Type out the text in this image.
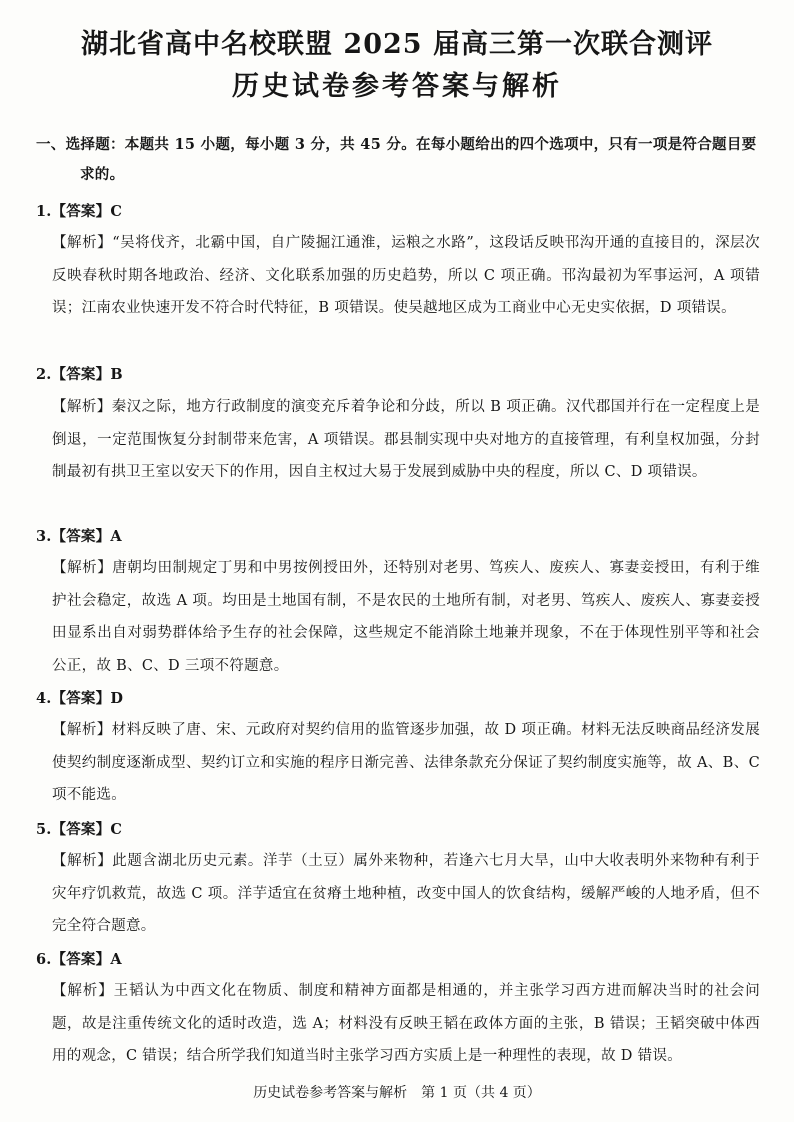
湖北省高中名校联盟 2025 届高三第一次联合测评
历史试卷参考答案与解析
一、选择题：本题共 15 小题，每小题 3 分，共 45 分。在每小题给出的四个选项中，只有一项是符合题目要
求的。
1.【答案】C
【解析】“吴将伐齐，北霸中国，自广陵掘江通淮，运粮之水路”，这段话反映邗沟开通的直接目的，深层次反映春秋时期各地政治、经济、文化联系加强的历史趋势，所以 C 项正确。邗沟最初为军事运河，A 项错误；江南农业快速开发不符合时代特征，B 项错误。使吴越地区成为工商业中心无史实依据，D 项错误。
2.【答案】B
【解析】秦汉之际，地方行政制度的演变充斥着争论和分歧，所以 B 项正确。汉代郡国并行在一定程度上是倒退，一定范围恢复分封制带来危害，A 项错误。郡县制实现中央对地方的直接管理，有利皇权加强，分封制最初有拱卫王室以安天下的作用，因自主权过大易于发展到威胁中央的程度，所以 C、D 项错误。
3.【答案】A
【解析】唐朝均田制规定丁男和中男按例授田外，还特别对老男、笃疾人、废疾人、寡妻妾授田，有利于维护社会稳定，故选 A 项。均田是土地国有制，不是农民的土地所有制，对老男、笃疾人、废疾人、寡妻妾授田显系出自对弱势群体给予生存的社会保障，这些规定不能消除土地兼并现象，不在于体现性别平等和社会公正，故 B、C、D 三项不符题意。
4.【答案】D
【解析】材料反映了唐、宋、元政府对契约信用的监管逐步加强，故 D 项正确。材料无法反映商品经济发展使契约制度逐渐成型、契约订立和实施的程序日渐完善、法律条款充分保证了契约制度实施等，故 A、B、C 项不能选。
5.【答案】C
【解析】此题含湖北历史元素。洋芋（土豆）属外来物种，若逢六七月大旱，山中大收表明外来物种有利于灾年疗饥救荒，故选 C 项。洋芋适宜在贫瘠土地种植，改变中国人的饮食结构，缓解严峻的人地矛盾，但不完全符合题意。
6.【答案】A
【解析】王韬认为中西文化在物质、制度和精神方面都是相通的，并主张学习西方进而解决当时的社会问题，故是注重传统文化的适时改造，选 A；材料没有反映王韬在政体方面的主张，B 错误；王韬突破中体西用的观念，C 错误；结合所学我们知道当时主张学习西方实质上是一种理性的表现，故 D 错误。
历史试卷参考答案与解析　第 1 页（共 4 页）
